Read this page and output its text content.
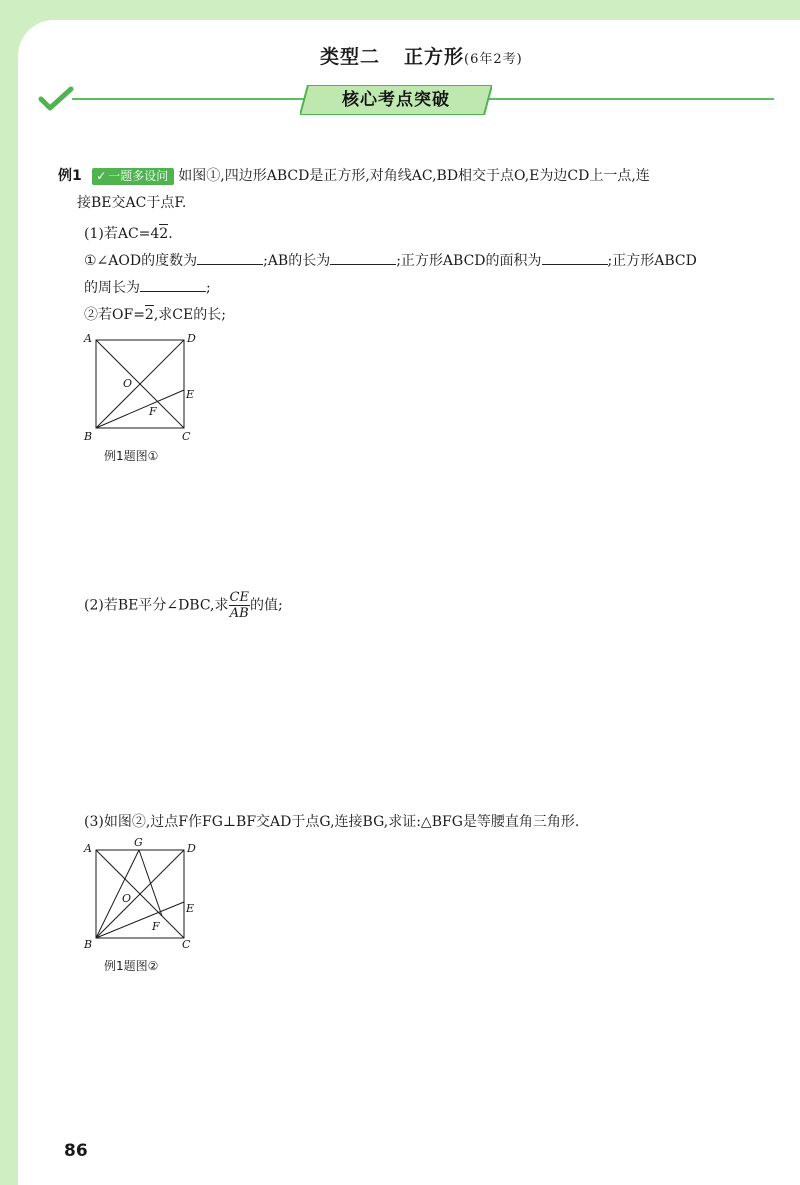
类型二 正方形(6年2考)
核心考点突破
例1 ✓ 一题多设问 如图①,四边形ABCD是正方形,对角线AC,BD相交于点O,E为边CD上一点,连
接BE交AC于点F.
(1)若AC=42.
①∠AOD的度数为	;AB的长为	;正方形ABCD的面积为	;正方形ABCD
的周长为	;
②若OF=2,求CE的长;
A	D
B	C
O
E
F
例1题图①
(2)若BE平分∠DBC,求 $\frac{CE}{AB}$ 的值;
(3)如图②,过点F作FG⊥BF交AD于点G,连接BG,求证:△BFG是等腰直角三角形.
A	G	D
B	C
O
E
F
例1题图②
86
